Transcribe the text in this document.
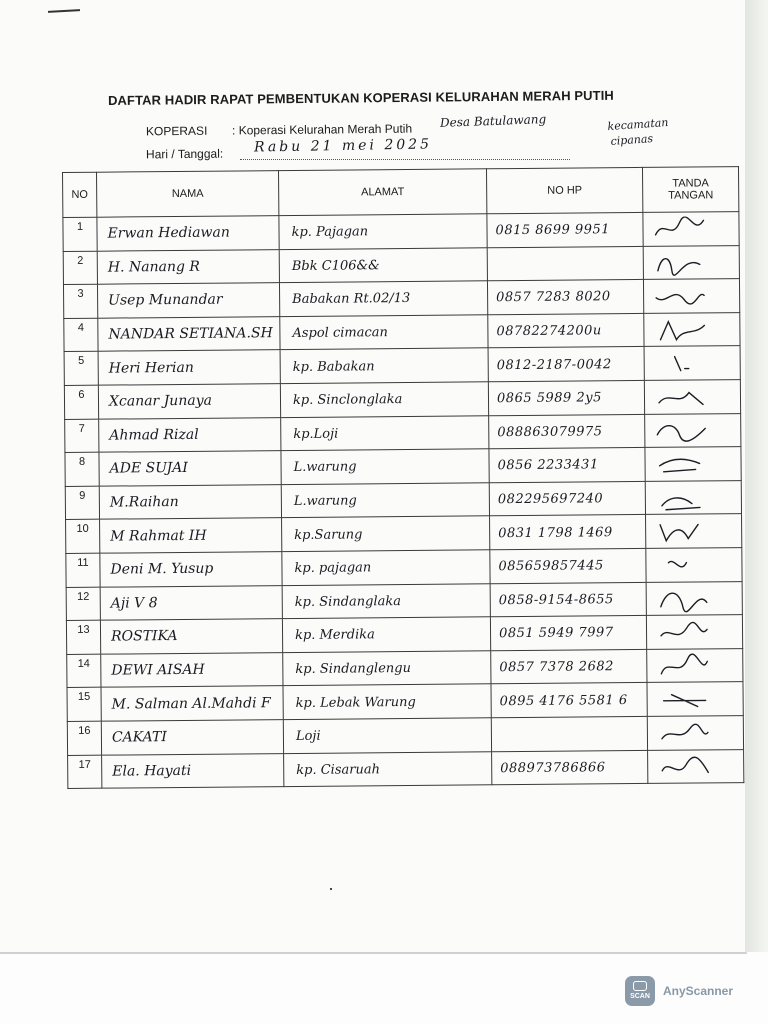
DAFTAR HADIR RAPAT PEMBENTUKAN KOPERASI KELURAHAN MERAH PUTIH
KOPERASI : Koperasi Kelurahan Merah Putih Desa Batulawang	kecamatan
cipanas
Hari / Tanggal: Rabu 21 mei 2025
NO	NAMA	ALAMAT	NO HP	TANDA
TANGAN

1	Erwan Hediawan	kp. Pajagan	0815 8699 9951	

2	H. Nanang R	Bbk C106&&		

3	Usep Munandar	Babakan Rt.02/13	0857 7283 8020	

4	NANDAR SETIANA.SH	Aspol cimacan	08782274200u	

5	Heri Herian	kp. Babakan	0812-2187-0042	

6	Xcanar Junaya	kp. Sinclonglaka	0865 5989 2y5	

7	Ahmad Rizal	kp.Loji	088863079975	

8	ADE SUJAI	L.warung	0856 2233431	

9	M.Raihan	L.warung	082295697240	

10	M Rahmat IH	kp.Sarung	0831 1798 1469	

11	Deni M. Yusup	kp. pajagan	085659857445	

12	Aji V 8	kp. Sindanglaka	0858-9154-8655	

13	ROSTIKA	kp. Merdika	0851 5949 7997	

14	DEWI AISAH	kp. Sindanglengu	0857 7378 2682	

15	M. Salman Al.Mahdi F	kp. Lebak Warung	0895 4176 5581 6	

16	CAKATI	Loji		

17	Ela. Hayati	kp. Cisaruah	088973786866	
SCAN AnyScanner
